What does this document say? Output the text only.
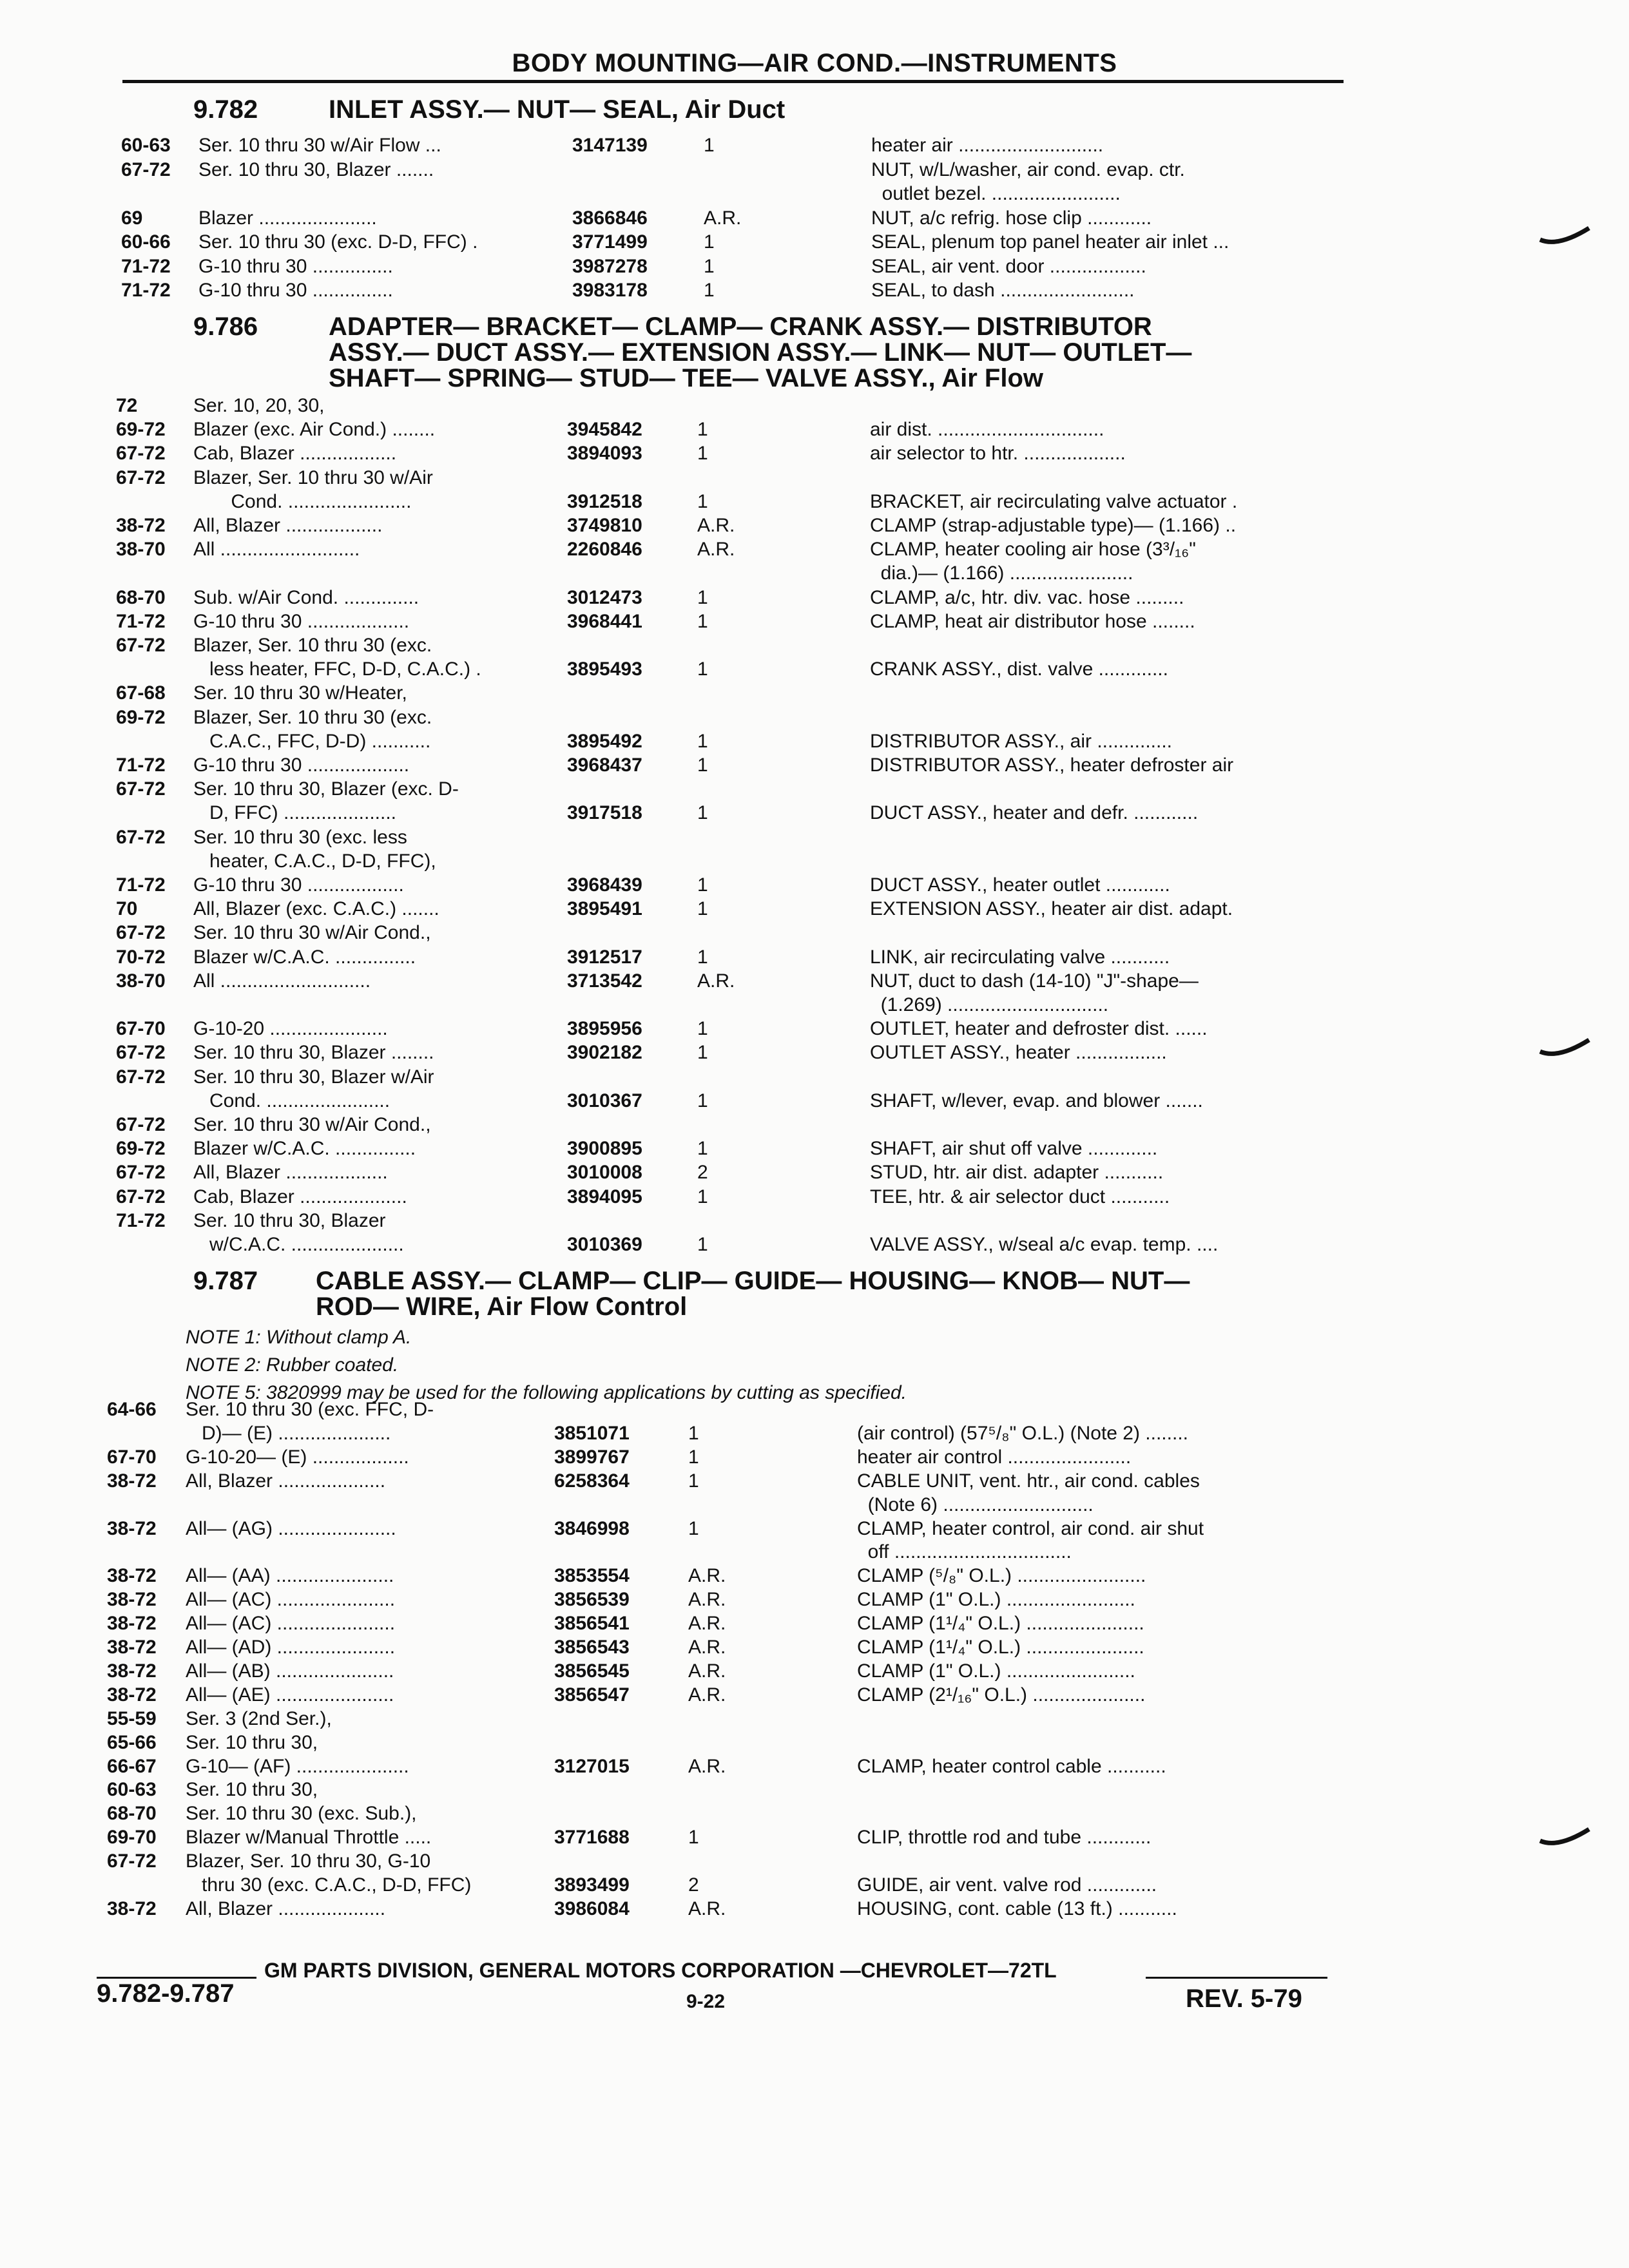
BODY MOUNTING—AIR COND.—INSTRUMENTS
9.782	INLET ASSY.— NUT— SEAL, Air Duct
60-63 Ser. 10 thru 30 w/Air Flow ...	3147139	1	heater air ...........................
67-72 Ser. 10 thru 30, Blazer .......	NUT, w/L/washer, air cond. evap. ctr.
outlet bezel. ........................
69	Blazer ......................	3866846	A.R.	NUT, a/c refrig. hose clip ............
60-66 Ser. 10 thru 30 (exc. D-D, FFC) .	3771499	1	SEAL, plenum top panel heater air inlet ...
71-72 G-10 thru 30 ...............	3987278	1	SEAL, air vent. door ..................
71-72 G-10 thru 30 ...............	3983178	1	SEAL, to dash .........................
9.786	ADAPTER— BRACKET— CLAMP— CRANK ASSY.— DISTRIBUTOR
ASSY.— DUCT ASSY.— EXTENSION ASSY.— LINK— NUT— OUTLET—
SHAFT— SPRING— STUD— TEE— VALVE ASSY., Air Flow
72	Ser. 10, 20, 30,
69-72 Blazer (exc. Air Cond.) ........	3945842	1	air dist. ...............................
67-72 Cab, Blazer ..................	3894093	1	air selector to htr. ...................
67-72 Blazer, Ser. 10 thru 30 w/Air
Cond. .......................	3912518	1	BRACKET, air recirculating valve actuator .
38-72 All, Blazer ..................	3749810	A.R.	CLAMP (strap-adjustable type)— (1.166) ..
38-70 All ..........................	2260846	A.R.	CLAMP, heater cooling air hose (3³/₁₆"
dia.)— (1.166) .......................
68-70 Sub. w/Air Cond. ..............	3012473	1	CLAMP, a/c, htr. div. vac. hose .........
71-72 G-10 thru 30 ...................	3968441	1	CLAMP, heat air distributor hose ........
67-72 Blazer, Ser. 10 thru 30 (exc.
less heater, FFC, D-D, C.A.C.) .	3895493	1	CRANK ASSY., dist. valve .............
67-68 Ser. 10 thru 30 w/Heater,
69-72 Blazer, Ser. 10 thru 30 (exc.
C.A.C., FFC, D-D) ...........	3895492	1	DISTRIBUTOR ASSY., air ..............
71-72 G-10 thru 30 ...................	3968437	1	DISTRIBUTOR ASSY., heater defroster air
67-72 Ser. 10 thru 30, Blazer (exc. D-
D, FFC) .....................	3917518	1	DUCT ASSY., heater and defr. ............
67-72 Ser. 10 thru 30 (exc. less
heater, C.A.C., D-D, FFC),
71-72 G-10 thru 30 ..................	3968439	1	DUCT ASSY., heater outlet ............
70	All, Blazer (exc. C.A.C.) .......	3895491	1	EXTENSION ASSY., heater air dist. adapt.
67-72 Ser. 10 thru 30 w/Air Cond.,
70-72 Blazer w/C.A.C. ...............	3912517	1	LINK, air recirculating valve ...........
38-70 All ............................	3713542	A.R.	NUT, duct to dash (14-10) "J"-shape—
(1.269) ..............................
67-70 G-10-20 ......................	3895956	1	OUTLET, heater and defroster dist. ......
67-72 Ser. 10 thru 30, Blazer ........	3902182	1	OUTLET ASSY., heater .................
67-72 Ser. 10 thru 30, Blazer w/Air
Cond. .......................	3010367	1	SHAFT, w/lever, evap. and blower .......
67-72 Ser. 10 thru 30 w/Air Cond.,
69-72 Blazer w/C.A.C. ...............	3900895	1	SHAFT, air shut off valve .............
67-72 All, Blazer ...................	3010008	2	STUD, htr. air dist. adapter ...........
67-72 Cab, Blazer ....................	3894095	1	TEE, htr. & air selector duct ...........
71-72 Ser. 10 thru 30, Blazer
w/C.A.C. .....................	3010369	1	VALVE ASSY., w/seal a/c evap. temp. ....
9.787 CABLE ASSY.— CLAMP— CLIP— GUIDE— HOUSING— KNOB— NUT—
ROD— WIRE, Air Flow Control
NOTE 1: Without clamp A.
NOTE 2: Rubber coated.
NOTE 5: 3820999 may be used for the following applications by cutting as specified.
64-66 Ser. 10 thru 30 (exc. FFC, D-
D)— (E) .....................	3851071	1	(air control) (57⁵/₈" O.L.) (Note 2) ........
67-70 G-10-20— (E) ..................	3899767	1	heater air control .......................
38-72 All, Blazer ....................	6258364	1	CABLE UNIT, vent. htr., air cond. cables
(Note 6) ............................
38-72 All— (AG) ......................	3846998	1	CLAMP, heater control, air cond. air shut
off .................................
38-72 All— (AA) ......................	3853554	A.R.	CLAMP (⁵/₈" O.L.) ........................
38-72 All— (AC) ......................	3856539	A.R.	CLAMP (1" O.L.) ........................
38-72 All— (AC) ......................	3856541	A.R.	CLAMP (1¹/₄" O.L.) ......................
38-72 All— (AD) ......................	3856543	A.R.	CLAMP (1¹/₄" O.L.) ......................
38-72 All— (AB) ......................	3856545	A.R.	CLAMP (1" O.L.) ........................
38-72 All— (AE) ......................	3856547	A.R.	CLAMP (2¹/₁₆" O.L.) .....................
55-59 Ser. 3 (2nd Ser.),
65-66 Ser. 10 thru 30,
66-67 G-10— (AF) .....................	3127015	A.R.	CLAMP, heater control cable ...........
60-63 Ser. 10 thru 30,
68-70 Ser. 10 thru 30 (exc. Sub.),
69-70 Blazer w/Manual Throttle .....	3771688	1	CLIP, throttle rod and tube ............
67-72 Blazer, Ser. 10 thru 30, G-10
thru 30 (exc. C.A.C., D-D, FFC)	3893499	2	GUIDE, air vent. valve rod .............
38-72 All, Blazer ....................	3986084	A.R.	HOUSING, cont. cable (13 ft.) ...........
GM PARTS DIVISION, GENERAL MOTORS CORPORATION —CHEVROLET—72TL
9.782-9.787	9-22	REV. 5-79
